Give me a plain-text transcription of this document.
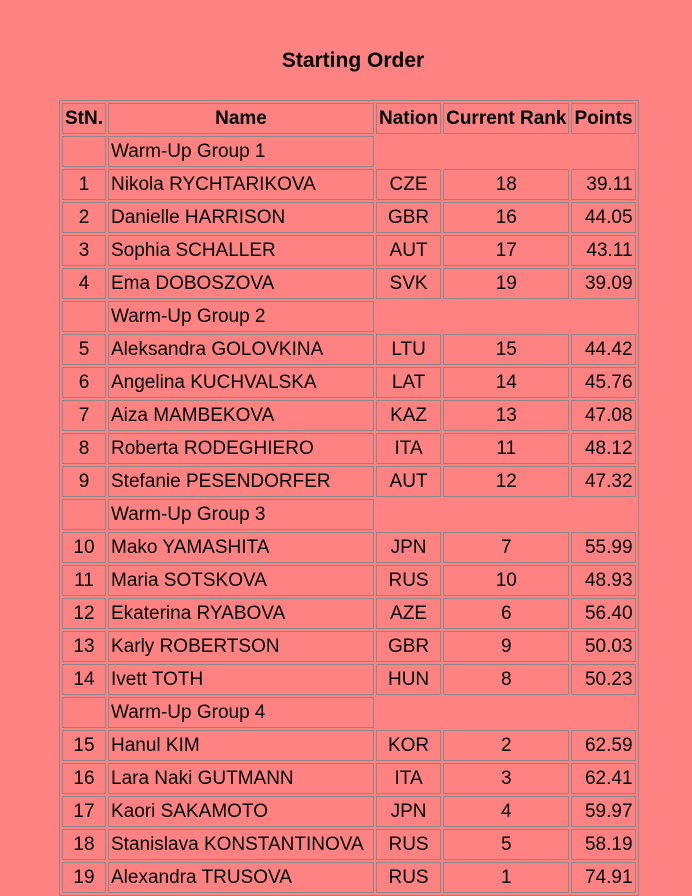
Starting Order
StN.	Name	Nation	Current Rank	Points
	Warm-Up Group 1			
1	Nikola RYCHTARIKOVA	CZE	18	39.11
2	Danielle HARRISON	GBR	16	44.05
3	Sophia SCHALLER	AUT	17	43.11
4	Ema DOBOSZOVA	SVK	19	39.09
	Warm-Up Group 2			
5	Aleksandra GOLOVKINA	LTU	15	44.42
6	Angelina KUCHVALSKA	LAT	14	45.76
7	Aiza MAMBEKOVA	KAZ	13	47.08
8	Roberta RODEGHIERO	ITA	11	48.12
9	Stefanie PESENDORFER	AUT	12	47.32
	Warm-Up Group 3			
10	Mako YAMASHITA	JPN	7	55.99
11	Maria SOTSKOVA	RUS	10	48.93
12	Ekaterina RYABOVA	AZE	6	56.40
13	Karly ROBERTSON	GBR	9	50.03
14	Ivett TOTH	HUN	8	50.23
	Warm-Up Group 4			
15	Hanul KIM	KOR	2	62.59
16	Lara Naki GUTMANN	ITA	3	62.41
17	Kaori SAKAMOTO	JPN	4	59.97
18	Stanislava KONSTANTINOVA	RUS	5	58.19
19	Alexandra TRUSOVA	RUS	1	74.91
